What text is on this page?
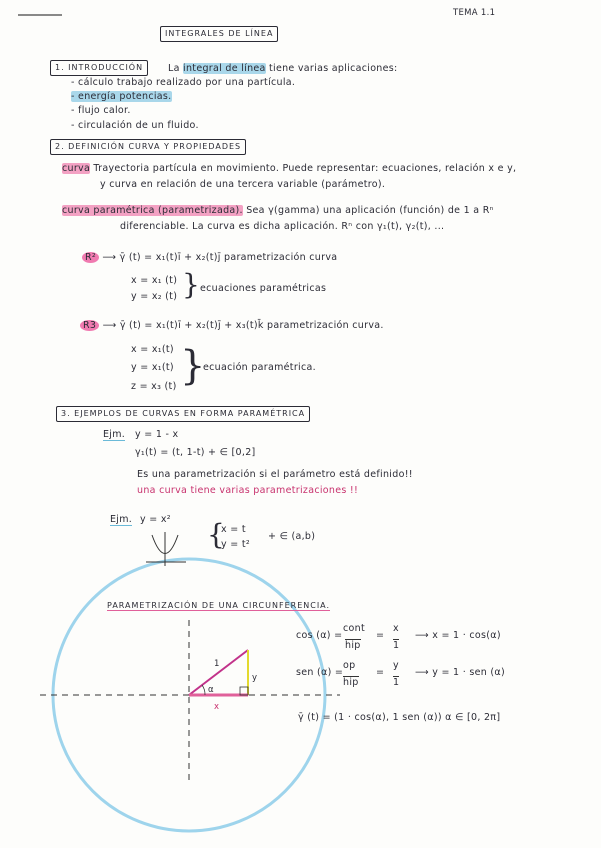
TEMA 1.1
INTEGRALES DE LÍNEA
1. INTRODUCCIÓN	La integral de línea tiene varias aplicaciones:
- cálculo trabajo realizado por una partícula.
- energía potencias.
- flujo calor.
- circulación de un fluido.
2. DEFINICIÓN CURVA Y PROPIEDADES
curva Trayectoria partícula en movimiento. Puede representar: ecuaciones, relación x e y,
y curva en relación de una tercera variable (parámetro).
curva paramétrica (parametrizada). Sea γ(gamma) una aplicación (función) de 1 a Rⁿ
diferenciable. La curva es dicha aplicación. Rⁿ con γ₁(t), γ₂(t), ...
R² ⟶ γ̄ (t) = x₁(t)ī + x₂(t)j̄ parametrización curva
x = x₁ (t)
y = x₂ (t) } ecuaciones paramétricas
R3 ⟶ γ̄ (t) = x₁(t)ī + x₂(t)j̄ + x₃(t)k̄ parametrización curva.
x = x₁(t)
y = x₁(t)
z = x₃ (t) }
ecuación paramétrica.
3. EJEMPLOS DE CURVAS EN FORMA PARAMÉTRICA
Ejm. y = 1 - x
γ₁(t) = (t, 1-t) + ∈ [0,2]
Es una parametrización si el parámetro está definido!!
una curva tiene varias parametrizaciones !!
Ejm. y = x² {
x = t
y = t²
+ ∈ (a,b)
PARAMETRIZACIÓN DE UNA CIRCUNFERENCIA.
cos (α) =
cont
hip
=
x
1
⟶ x = 1 · cos(α)
sen (α) =
op
hip
=
y
1
⟶ y = 1 · sen (α)
γ̄ (t) = (1 · cos(α), 1 sen (α)) α ∈ [0, 2π]
1
α
y
x
